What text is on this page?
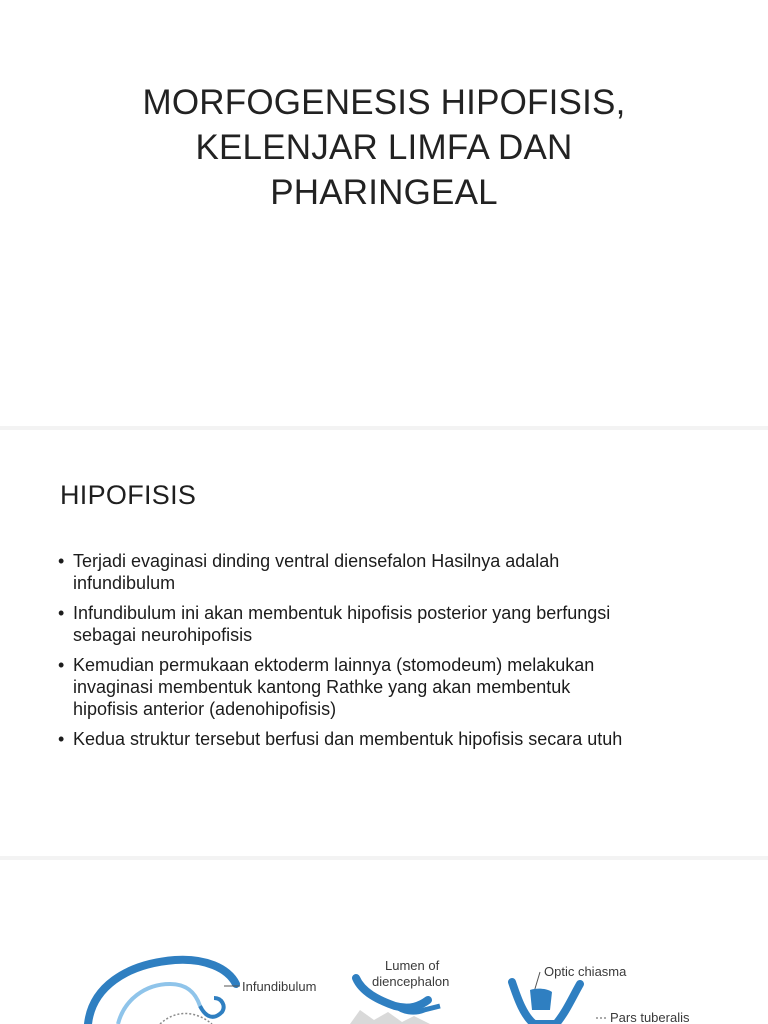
MORFOGENESIS HIPOFISIS,
KELENJAR LIMFA DAN
PHARINGEAL
HIPOFISIS
• Terjadi evaginasi dinding ventral diensefalon Hasilnya adalah
infundibulum
• Infundibulum ini akan membentuk hipofisis posterior yang berfungsi
sebagai neurohipofisis
• Kemudian permukaan ektoderm lainnya (stomodeum) melakukan
invaginasi membentuk kantong Rathke yang akan membentuk
hipofisis anterior (adenohipofisis)
• Kedua struktur tersebut berfusi dan membentuk hipofisis secara utuh
Infundibulum
Lumen of
diencephalon
Optic chiasma
Pars tuberalis
